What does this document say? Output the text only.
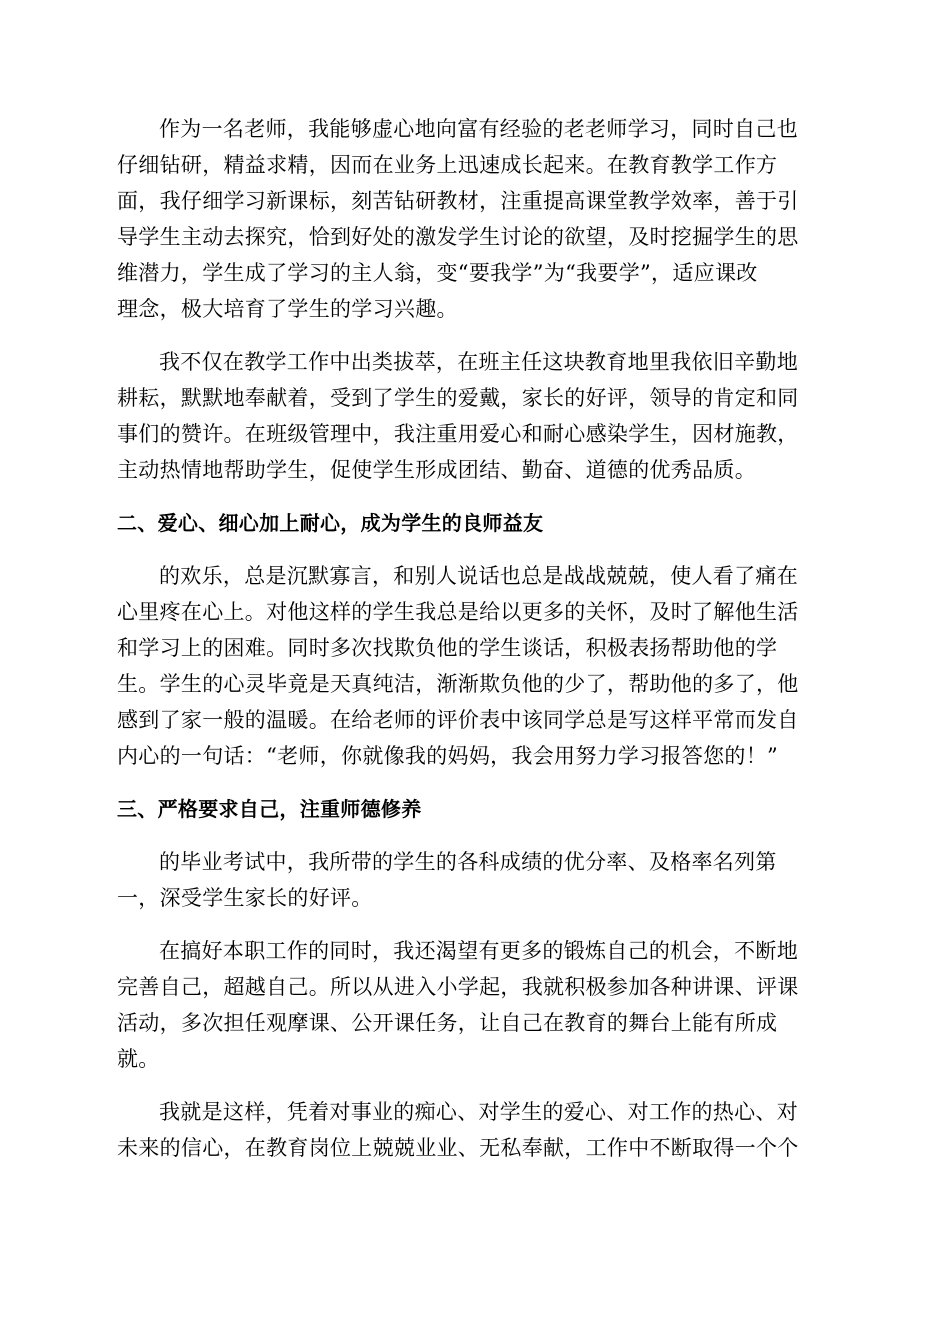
作为一名老师，我能够虚心地向富有经验的老老师学习，同时自己也
仔细钻研，精益求精，因而在业务上迅速成长起来。在教育教学工作方
面，我仔细学习新课标，刻苦钻研教材，注重提高课堂教学效率，善于引
导学生主动去探究，恰到好处的激发学生讨论的欲望，及时挖掘学生的思
维潜力，学生成了学习的主人翁，变“要我学”为“我要学”，适应课改
理念，极大培育了学生的学习兴趣。

我不仅在教学工作中出类拔萃，在班主任这块教育地里我依旧辛勤地
耕耘，默默地奉献着，受到了学生的爱戴，家长的好评，领导的肯定和同
事们的赞许。在班级管理中，我注重用爱心和耐心感染学生，因材施教，
主动热情地帮助学生，促使学生形成团结、勤奋、道德的优秀品质。

二、爱心、细心加上耐心，成为学生的良师益友

的欢乐，总是沉默寡言，和别人说话也总是战战兢兢，使人看了痛在
心里疼在心上。对他这样的学生我总是给以更多的关怀，及时了解他生活
和学习上的困难。同时多次找欺负他的学生谈话，积极表扬帮助他的学
生。学生的心灵毕竟是天真纯洁，渐渐欺负他的少了，帮助他的多了，他
感到了家一般的温暖。在给老师的评价表中该同学总是写这样平常而发自
内心的一句话：“老师，你就像我的妈妈，我会用努力学习报答您的！”

三、严格要求自己，注重师德修养

的毕业考试中，我所带的学生的各科成绩的优分率、及格率名列第
一，深受学生家长的好评。

在搞好本职工作的同时，我还渴望有更多的锻炼自己的机会，不断地
完善自己，超越自己。所以从进入小学起，我就积极参加各种讲课、评课
活动，多次担任观摩课、公开课任务，让自己在教育的舞台上能有所成
就。

我就是这样，凭着对事业的痴心、对学生的爱心、对工作的热心、对
未来的信心，在教育岗位上兢兢业业、无私奉献，工作中不断取得一个个
